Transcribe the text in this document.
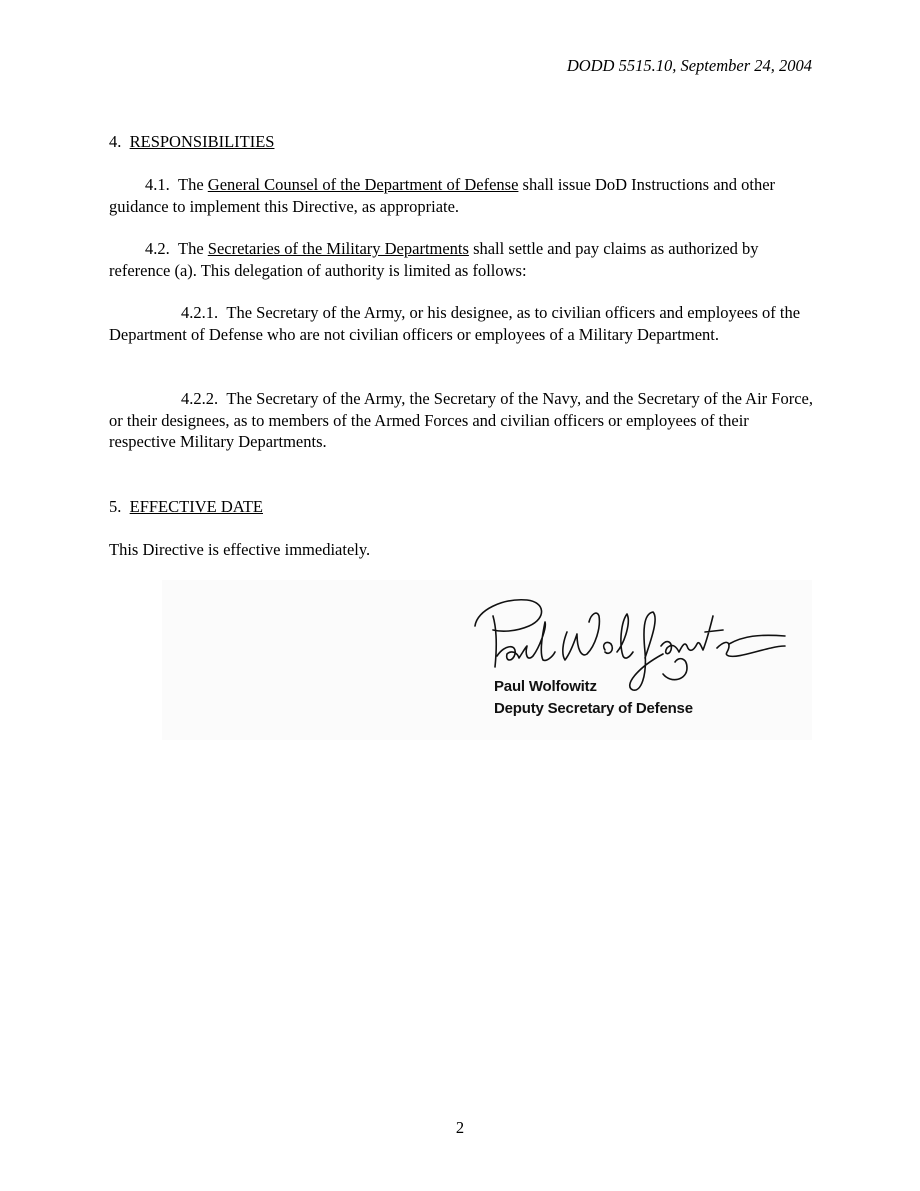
DODD 5515.10, September 24, 2004
4. RESPONSIBILITIES
4.1. The General Counsel of the Department of Defense shall issue DoD Instructions and other guidance to implement this Directive, as appropriate.
4.2. The Secretaries of the Military Departments shall settle and pay claims as authorized by reference (a). This delegation of authority is limited as follows:
4.2.1. The Secretary of the Army, or his designee, as to civilian officers and employees of the Department of Defense who are not civilian officers or employees of a Military Department.
4.2.2. The Secretary of the Army, the Secretary of the Navy, and the Secretary of the Air Force, or their designees, as to members of the Armed Forces and civilian officers or employees of their respective Military Departments.
5. EFFECTIVE DATE
This Directive is effective immediately.
Paul Wolfowitz
Deputy Secretary of Defense
2
